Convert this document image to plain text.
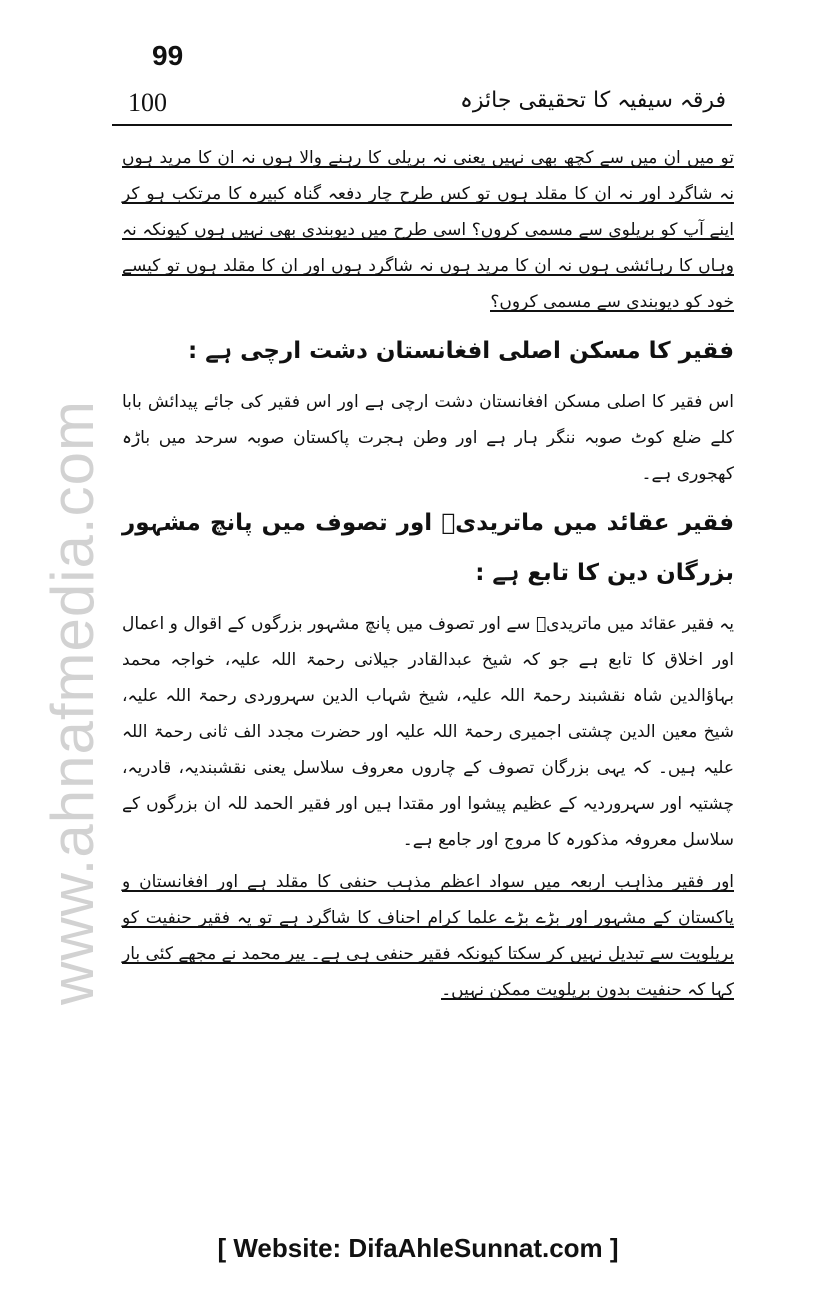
www.ahnafmedia.com
99
100	فرقہ سیفیہ کا تحقیقی جائزہ

تو میں ان میں سے کچھ بھی نہیں یعنی نہ بریلی کا رہنے والا ہوں نہ ان کا مرید ہوں نہ شاگرد اور نہ ان کا مقلد ہوں تو کس طرح چار دفعہ گناہ کبیرہ کا مرتکب ہو کر اپنے آپ کو بریلوی سے مسمی کروں؟ اسی طرح میں دیوبندی بھی نہیں ہوں کیونکہ نہ وہاں کا رہائشی ہوں نہ ان کا مرید ہوں نہ شاگرد ہوں اور ان کا مقلد ہوں تو کیسے خود کو دیوبندی سے مسمی کروں؟

فقیر کا مسکن اصلی افغانستان دشت ارچی ہے :

اس فقیر کا اصلی مسکن افغانستان دشت ارچی ہے اور اس فقیر کی جائے پیدائش بابا کلے ضلع کوٹ صوبہ ننگر ہار ہے اور وطن ہجرت پاکستان صوبہ سرحد میں باڑہ کھجوری ہے۔

فقیر عقائد میں ماتریدیؒ اور تصوف میں پانچ مشہور بزرگان دین کا تابع ہے :

یہ فقیر عقائد میں ماتریدیؒ سے اور تصوف میں پانچ مشہور بزرگوں کے اقوال و اعمال اور اخلاق کا تابع ہے جو کہ شیخ عبدالقادر جیلانی رحمۃ اللہ علیہ، خواجہ محمد بہاؤالدین شاہ نقشبند رحمۃ اللہ علیہ، شیخ شہاب الدین سہروردی رحمۃ اللہ علیہ، شیخ معین الدین چشتی اجمیری رحمۃ اللہ علیہ اور حضرت مجدد الف ثانی رحمۃ اللہ علیہ ہیں۔ کہ یہی بزرگان تصوف کے چاروں معروف سلاسل یعنی نقشبندیہ، قادریہ، چشتیہ اور سہروردیہ کے عظیم پیشوا اور مقتدا ہیں اور فقیر الحمد للہ ان بزرگوں کے سلاسل معروفہ مذکورہ کا مروج اور جامع ہے۔

اور فقیر مذاہب اربعہ میں سواد اعظم مذہب حنفی کا مقلد ہے اور افغانستان و پاکستان کے مشہور اور بڑے بڑے علما کرام احناف کا شاگرد ہے تو یہ فقیر حنفیت کو بریلویت سے تبدیل نہیں کر سکتا کیونکہ فقیر حنفی ہی ہے۔ پیر محمد نے مجھے کئی بار کہا کہ حنفیت بدون بریلویت ممکن نہیں۔

[ Website: DifaAhleSunnat.com ]
